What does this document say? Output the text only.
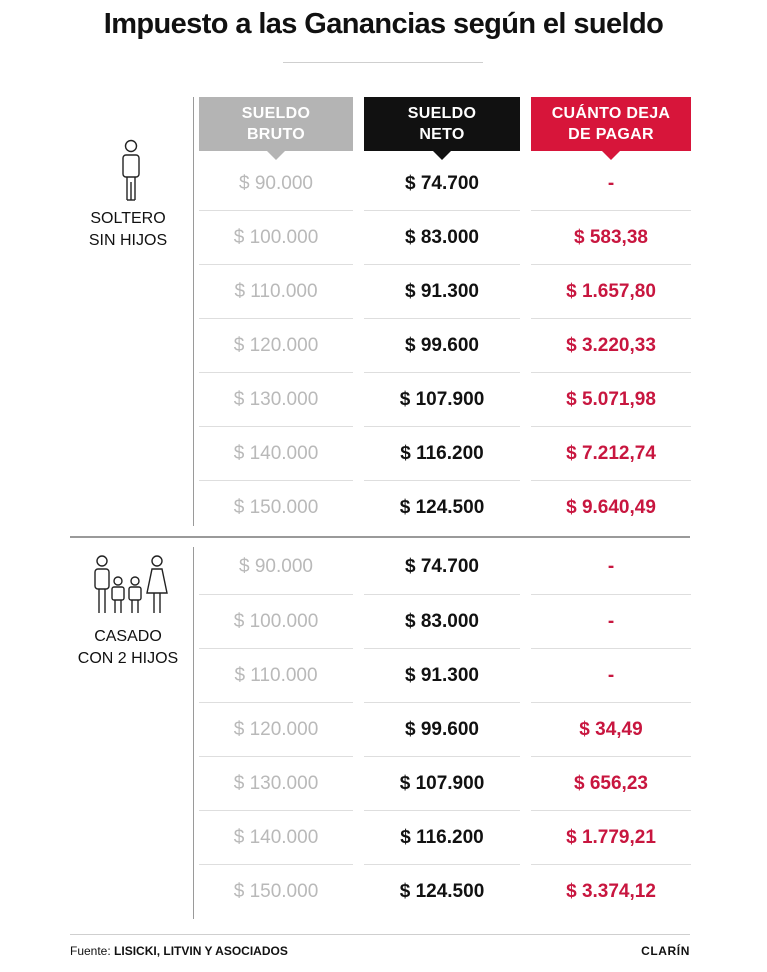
Impuesto a las Ganancias según el sueldo
SUELDO
BRUTO
SUELDO
NETO
CUÁNTO DEJA
DE PAGAR
SOLTERO
SIN HIJOS
CASADO
CON 2 HIJOS
$ 90.000	$ 74.700	-
$ 100.000	$ 83.000	$ 583,38
$ 110.000	$ 91.300	$ 1.657,80
$ 120.000	$ 99.600	$ 3.220,33
$ 130.000	$ 107.900	$ 5.071,98
$ 140.000	$ 116.200	$ 7.212,74
$ 150.000	$ 124.500	$ 9.640,49
$ 90.000	$ 74.700	-
$ 100.000	$ 83.000	-
$ 110.000	$ 91.300	-
$ 120.000	$ 99.600	$ 34,49
$ 130.000	$ 107.900	$ 656,23
$ 140.000	$ 116.200	$ 1.779,21
$ 150.000	$ 124.500	$ 3.374,12
Fuente: LISICKI, LITVIN Y ASOCIADOS	CLARÍN
